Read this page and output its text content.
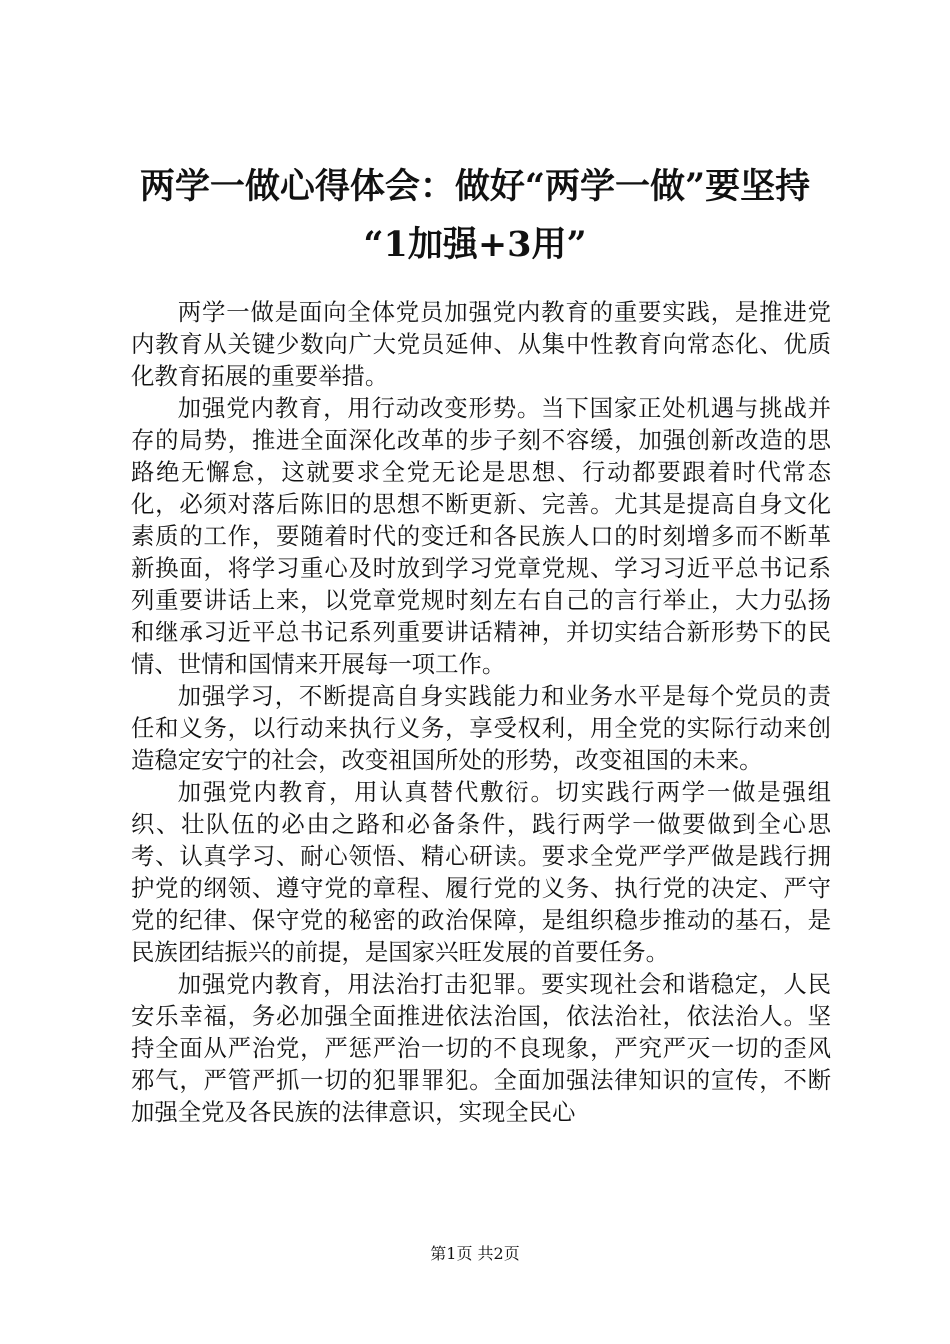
两学一做心得体会：做好“两学一做”要坚持
“1加强+3用”

两学一做是面向全体党员加强党内教育的重要实践，是推进党内教育从关键少数向广大党员延伸、从集中性教育向常态化、优质化教育拓展的重要举措。

加强党内教育，用行动改变形势。当下国家正处机遇与挑战并存的局势，推进全面深化改革的步子刻不容缓，加强创新改造的思路绝无懈怠，这就要求全党无论是思想、行动都要跟着时代常态化，必须对落后陈旧的思想不断更新、完善。尤其是提高自身文化素质的工作，要随着时代的变迁和各民族人口的时刻增多而不断革新换面，将学习重心及时放到学习党章党规、学习习近平总书记系列重要讲话上来，以党章党规时刻左右自己的言行举止，大力弘扬和继承习近平总书记系列重要讲话精神，并切实结合新形势下的民情、世情和国情来开展每一项工作。

加强学习，不断提高自身实践能力和业务水平是每个党员的责任和义务，以行动来执行义务，享受权利，用全党的实际行动来创造稳定安宁的社会，改变祖国所处的形势，改变祖国的未来。

加强党内教育，用认真替代敷衍。切实践行两学一做是强组织、壮队伍的必由之路和必备条件，践行两学一做要做到全心思考、认真学习、耐心领悟、精心研读。要求全党严学严做是践行拥护党的纲领、遵守党的章程、履行党的义务、执行党的决定、严守党的纪律、保守党的秘密的政治保障，是组织稳步推动的基石，是民族团结振兴的前提，是国家兴旺发展的首要任务。

加强党内教育，用法治打击犯罪。要实现社会和谐稳定，人民安乐幸福，务必加强全面推进依法治国，依法治社，依法治人。坚持全面从严治党，严惩严治一切的不良现象，严究严灭一切的歪风邪气，严管严抓一切的犯罪罪犯。全面加强法律知识的宣传，不断加强全党及各民族的法律意识，实现全民心

第1页 共2页
